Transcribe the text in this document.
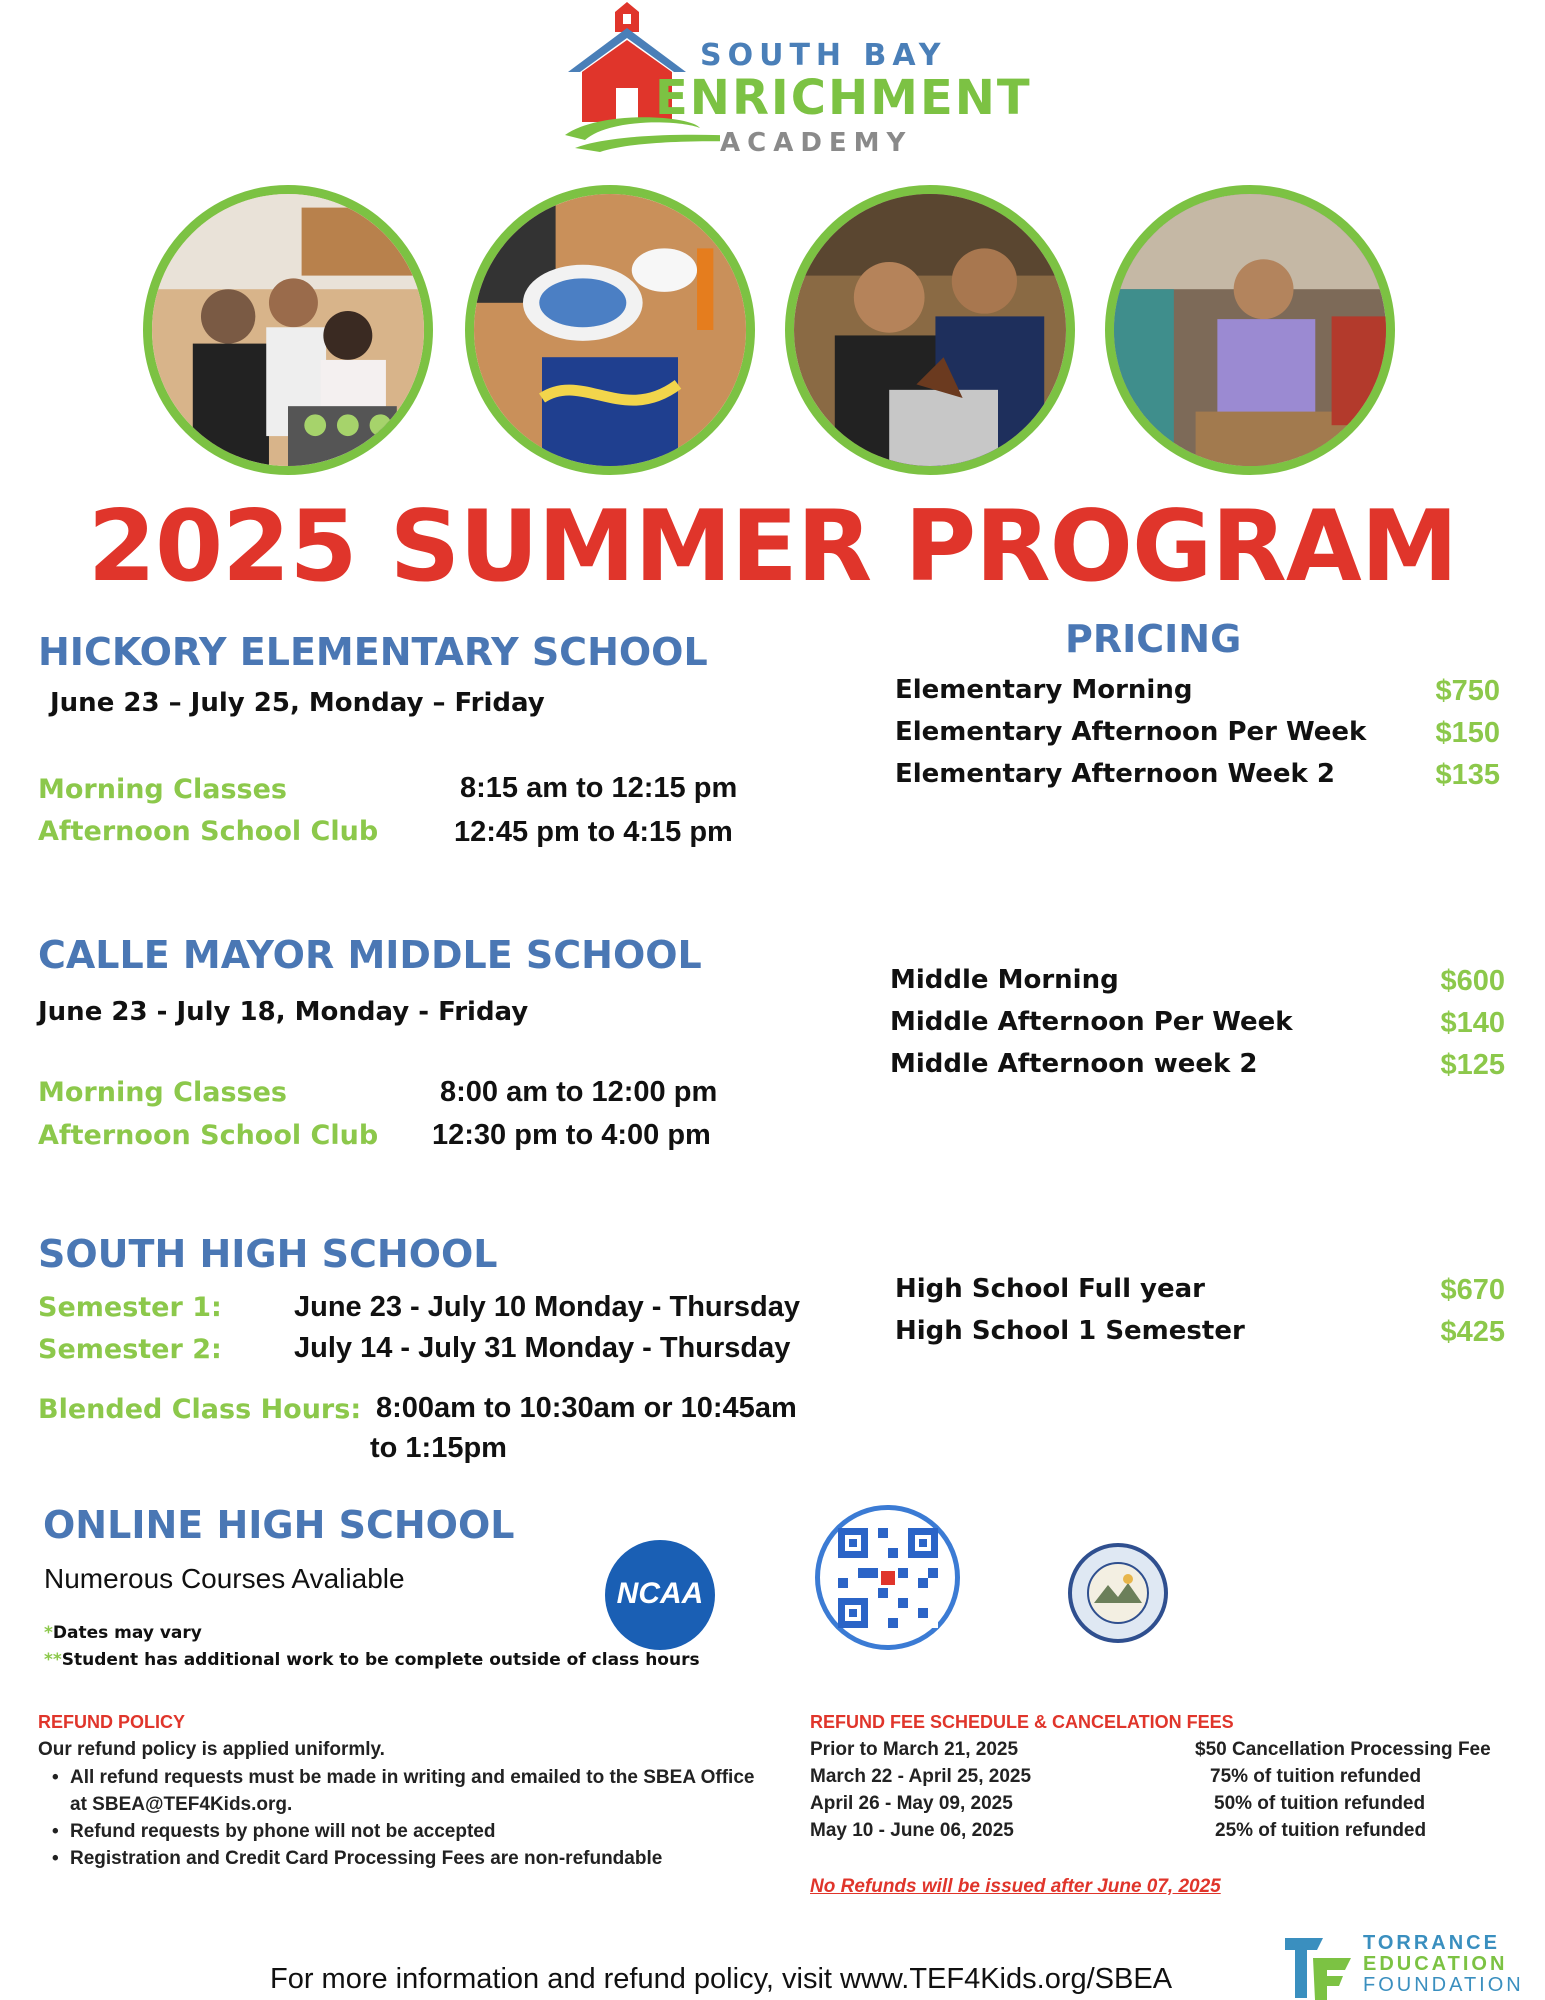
SOUTH BAY
ENRICHMENT
ACADEMY
2025 SUMMER PROGRAM
HICKORY ELEMENTARY SCHOOL
June 23 – July 25, Monday – Friday
Morning Classes	8:15 am to 12:15 pm
Afternoon School Club	12:45 pm to 4:15 pm
CALLE MAYOR MIDDLE SCHOOL
June 23 - July 18, Monday - Friday
Morning Classes	8:00 am to 12:00 pm
Afternoon School Club 12:30 pm to 4:00 pm
SOUTH HIGH SCHOOL
Semester 1: June 23 - July 10 Monday - Thursday
Semester 2: July 14 - July 31 Monday - Thursday
Blended Class Hours: 8:00am to 10:30am or 10:45am
to 1:15pm
ONLINE HIGH SCHOOL
Numerous Courses Avaliable
*Dates may vary
**Student has additional work to be complete outside of class hours
NCAA
PRICING
Elementary Morning	$750
Elementary Afternoon Per Week	$150
Elementary Afternoon Week 2	$135
Middle Morning	$600
Middle Afternoon Per Week	$140
Middle Afternoon week 2	$125
High School Full year	$670
High School 1 Semester	$425
REFUND POLICY
Our refund policy is applied uniformly.
• All refund requests must be made in writing and emailed to the SBEA Office
at SBEA@TEF4Kids.org.
• Refund requests by phone will not be accepted
• Registration and Credit Card Processing Fees are non-refundable
REFUND FEE SCHEDULE & CANCELATION FEES
Prior to March 21, 2025	$50 Cancellation Processing Fee
March 22 - April 25, 2025	75% of tuition refunded
April 26 - May 09, 2025	50% of tuition refunded
May 10 - June 06, 2025	25% of tuition refunded
No Refunds will be issued after June 07, 2025
For more information and refund policy, visit www.TEF4Kids.org/SBEA
TORRANCE
EDUCATION
FOUNDATION
